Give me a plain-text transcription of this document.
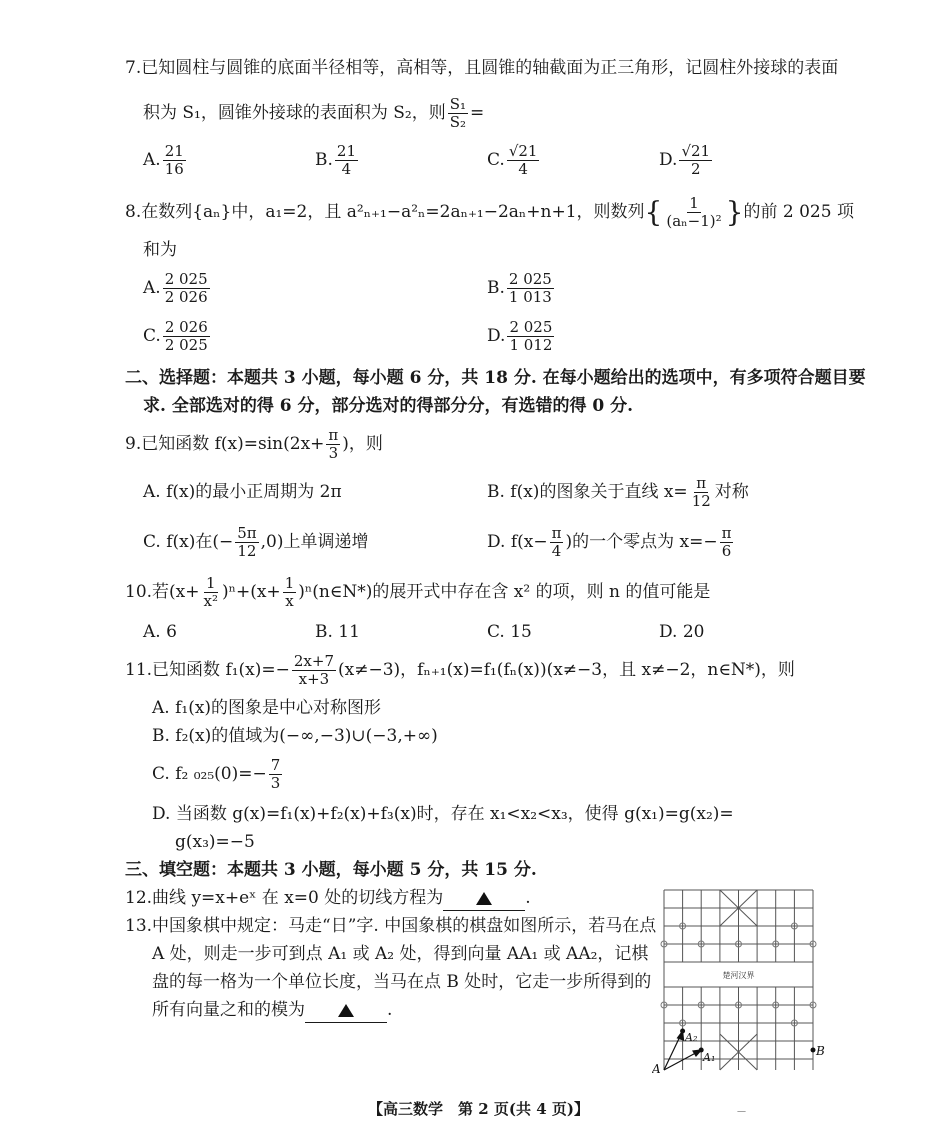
7.已知圆柱与圆锥的底面半径相等，高相等，且圆锥的轴截面为正三角形，记圆柱外接球的表面
积为 S₁，圆锥外接球的表面积为 S₂，则 $\frac{\text{S₁}}{\text{S₂}}$ =
A. $\frac{21}{16}$	B. $\frac{21}{4}$	C. $\frac{√21}{4}$	D. $\frac{√21}{2}$
8.在数列{aₙ}中，a₁=2，且 a²ₙ₊₁−a²ₙ=2aₙ₊₁−2aₙ+n+1，则数列{ $\frac{1}{\text{(aₙ−1)²}}$ }的前 2 025 项
和为
A. $\frac{2 025}{2 026}$	B. $\frac{2 025}{1 013}$
C. $\frac{2 026}{2 025}$	D. $\frac{2 025}{1 012}$
二、选择题：本题共 3 小题，每小题 6 分，共 18 分. 在每小题给出的选项中，有多项符合题目要
求. 全部选对的得 6 分，部分选对的得部分分，有选错的得 0 分.
9.已知函数 $f(x)=\sin(2x+ \frac{\pi}{3}$ )，则
A. f(x)的最小正周期为 2π	B. f(x)的图象关于直线 $x= \frac{\pi}{12}$ 对称
C. f(x)在(− $\frac{5\pi}{12} ,0$)上单调递增	D. $f(x- \frac{\pi}{4}$ )的一个零点为 $x=- \frac{\pi}{6}$
10.若$(x+ \frac{1}{\text{x²}} )^n+(x+ \frac{1}{x}$ )ⁿ(n∈N*)的展开式中存在含 x² 的项，则 n 的值可能是
A. 6	B. 11	C. 15	D. 20
11.已知函数 $f_1(x)=- \frac{2x+7}{x+3} (x\ne-3)$，fₙ₊₁(x)=f₁(fₙ(x))(x≠−3，且 x≠−2，n∈N*)，则
A. f₁(x)的图象是中心对称图形
B. f₂(x)的值域为(−∞,−3)∪(−3,+∞)
C. f₂ $_{025}(0)=- \frac{7}{3}$
D. 当函数 g(x)=f₁(x)+f₂(x)+f₃(x)时，存在 x₁<x₂<x₃，使得 g(x₁)=g(x₂)=
g(x₃)=−5
三、填空题：本题共 3 小题，每小题 5 分，共 15 分.
12.曲线 y=x+eˣ 在 x=0 处的切线方程为	.
13.中国象棋中规定：马走“日”字. 中国象棋的棋盘如图所示，若马在点
A 处，则走一步可到点 A₁ 或 A₂ 处，得到向量 AA₁ 或 AA₂，记棋
盘的每一格为一个单位长度，当马在点 B 处时，它走一步所得到的
所有向量之和的模为	.
楚河汉界
A
A₁
A₂
B
【高三数学　第 2 页(共 4 页)】	—
